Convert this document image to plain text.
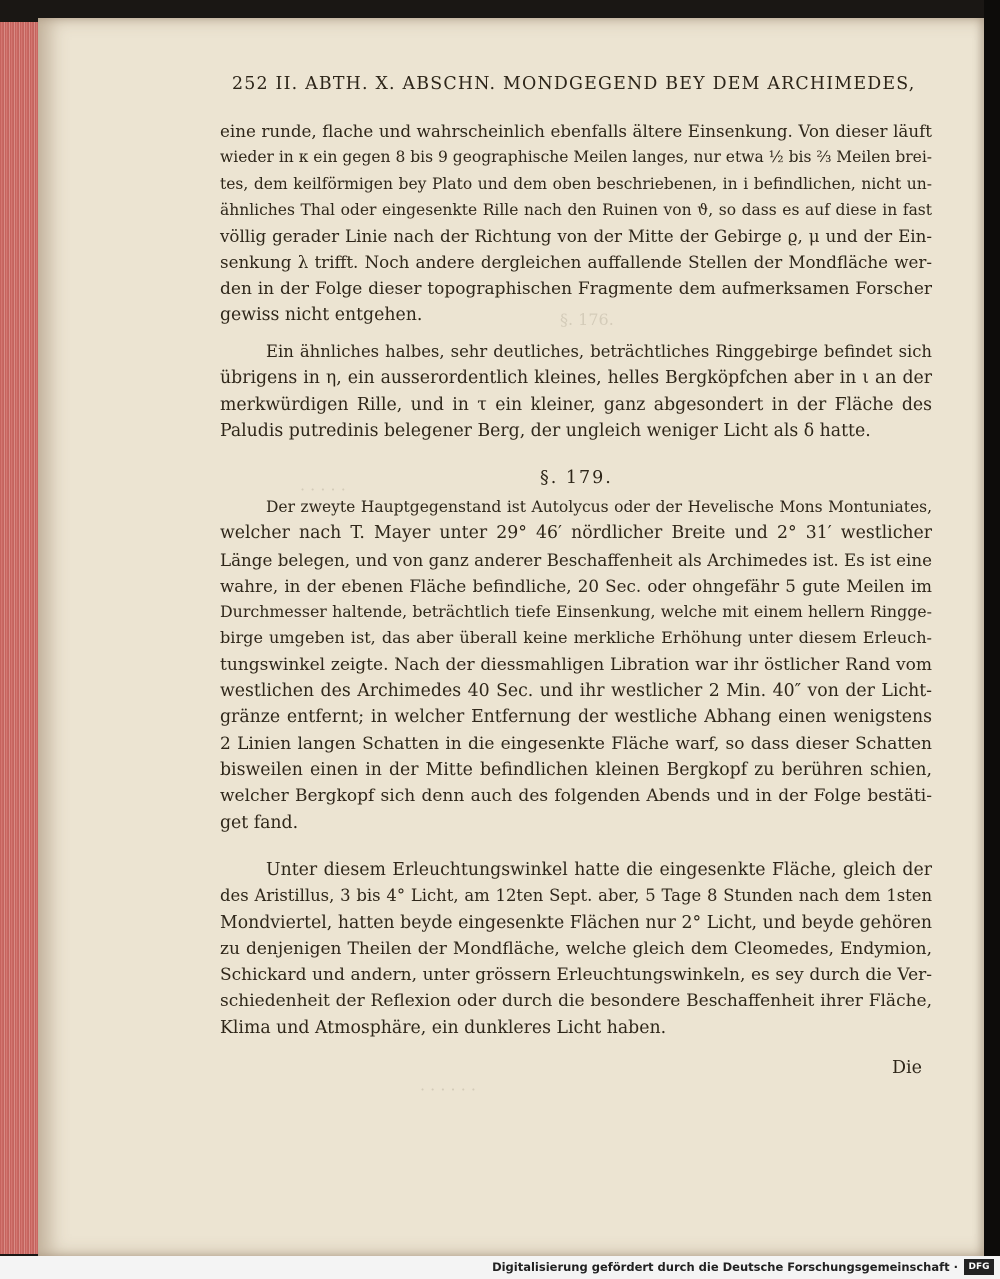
§. 176.
· · · · ·
· · · · · ·
252 II. ABTH. X. ABSCHN. MONDGEGEND BEY DEM ARCHIMEDES,
eine runde, flache und wahrscheinlich ebenfalls ältere Einsenkung. Von dieser läuft
wieder in κ ein gegen 8 bis 9 geographische Meilen langes, nur etwa ½ bis ⅔ Meilen brei-
tes, dem keilförmigen bey Plato und dem oben beschriebenen, in i befindlichen, nicht un-
ähnliches Thal oder eingesenkte Rille nach den Ruinen von ϑ, so dass es auf diese in fast
völlig gerader Linie nach der Richtung von der Mitte der Gebirge ϱ, μ und der Ein-
senkung λ trifft. Noch andere dergleichen auffallende Stellen der Mondfläche wer-
den in der Folge dieser topographischen Fragmente dem aufmerksamen Forscher
gewiss nicht entgehen.
Ein ähnliches halbes, sehr deutliches, beträchtliches Ringgebirge befindet sich
übrigens in η, ein ausserordentlich kleines, helles Bergköpfchen aber in ι an der
merkwürdigen Rille, und in τ ein kleiner, ganz abgesondert in der Fläche des
Paludis putredinis belegener Berg, der ungleich weniger Licht als δ hatte.
§. 179.
Der zweyte Hauptgegenstand ist Autolycus oder der Hevelische Mons Montuniates,
welcher nach T. Mayer unter 29° 46′ nördlicher Breite und 2° 31′ westlicher
Länge belegen, und von ganz anderer Beschaffenheit als Archimedes ist. Es ist eine
wahre, in der ebenen Fläche befindliche, 20 Sec. oder ohngefähr 5 gute Meilen im
Durchmesser haltende, beträchtlich tiefe Einsenkung, welche mit einem hellern Ringge-
birge umgeben ist, das aber überall keine merkliche Erhöhung unter diesem Erleuch-
tungswinkel zeigte. Nach der diessmahligen Libration war ihr östlicher Rand vom
westlichen des Archimedes 40 Sec. und ihr westlicher 2 Min. 40″ von der Licht-
gränze entfernt; in welcher Entfernung der westliche Abhang einen wenigstens
2 Linien langen Schatten in die eingesenkte Fläche warf, so dass dieser Schatten
bisweilen einen in der Mitte befindlichen kleinen Bergkopf zu berühren schien,
welcher Bergkopf sich denn auch des folgenden Abends und in der Folge bestäti-
get fand.
Unter diesem Erleuchtungswinkel hatte die eingesenkte Fläche, gleich der
des Aristillus, 3 bis 4° Licht, am 12ten Sept. aber, 5 Tage 8 Stunden nach dem 1sten
Mondviertel, hatten beyde eingesenkte Flächen nur 2° Licht, und beyde gehören
zu denjenigen Theilen der Mondfläche, welche gleich dem Cleomedes, Endymion,
Schickard und andern, unter grössern Erleuchtungswinkeln, es sey durch die Ver-
schiedenheit der Reflexion oder durch die besondere Beschaffenheit ihrer Fläche,
Klima und Atmosphäre, ein dunkleres Licht haben.
Die
Digitalisierung gefördert durch die Deutsche Forschungsgemeinschaft ·	DFG
